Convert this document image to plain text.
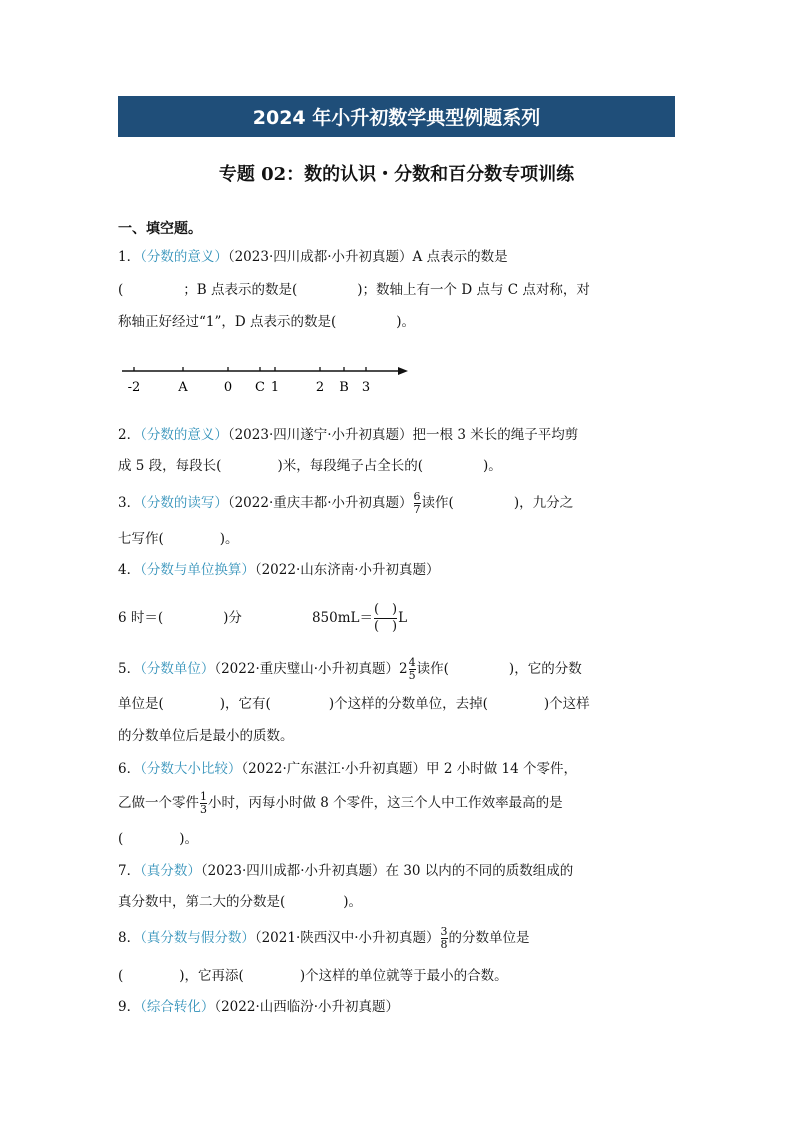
2024 年小升初数学典型例题系列
专题 02：数的认识・分数和百分数专项训练
一、填空题。
1．（分数的意义）（2023·四川成都·小升初真题）A 点表示的数是
(	；B 点表示的数是(	)；数轴上有一个 D 点与 C 点对称，对
称轴正好经过“1”，D 点表示的数是(	)。
-2	A	0 C 1	2 B 3
2．（分数的意义）（2023·四川遂宁·小升初真题）把一根 3 米长的绳子平均剪
成 5 段，每段长(	)米，每段绳子占全长的(	)。
3．（分数的读写）（2022·重庆丰都·小升初真题） $\frac{6}{7}$ 读作(	)，九分之
七写作(	)。
4．（分数与单位换算）（2022·山东济南·小升初真题）
6 时＝(	)分	$850mL= \frac{( )}{( )}$ L
5．（分数单位）（2022·重庆璧山·小升初真题）$2 \frac{4}{5}$ 读作(	)，它的分数
单位是(	)，它有(	)个这样的分数单位，去掉(	)个这样
的分数单位后是最小的质数。
6．（分数大小比较）（2022·广东湛江·小升初真题）甲 2 小时做 14 个零件，
乙做一个零件 $\frac{1}{3}$ 小时，丙每小时做 8 个零件，这三个人中工作效率最高的是
(	)。
7．（真分数）（2023·四川成都·小升初真题）在 30 以内的不同的质数组成的
真分数中，第二大的分数是(	)。
8．（真分数与假分数）（2021·陕西汉中·小升初真题） $\frac{3}{8}$ 的分数单位是
(	)，它再添(	)个这样的单位就等于最小的合数。
9．（综合转化）（2022·山西临汾·小升初真题）
